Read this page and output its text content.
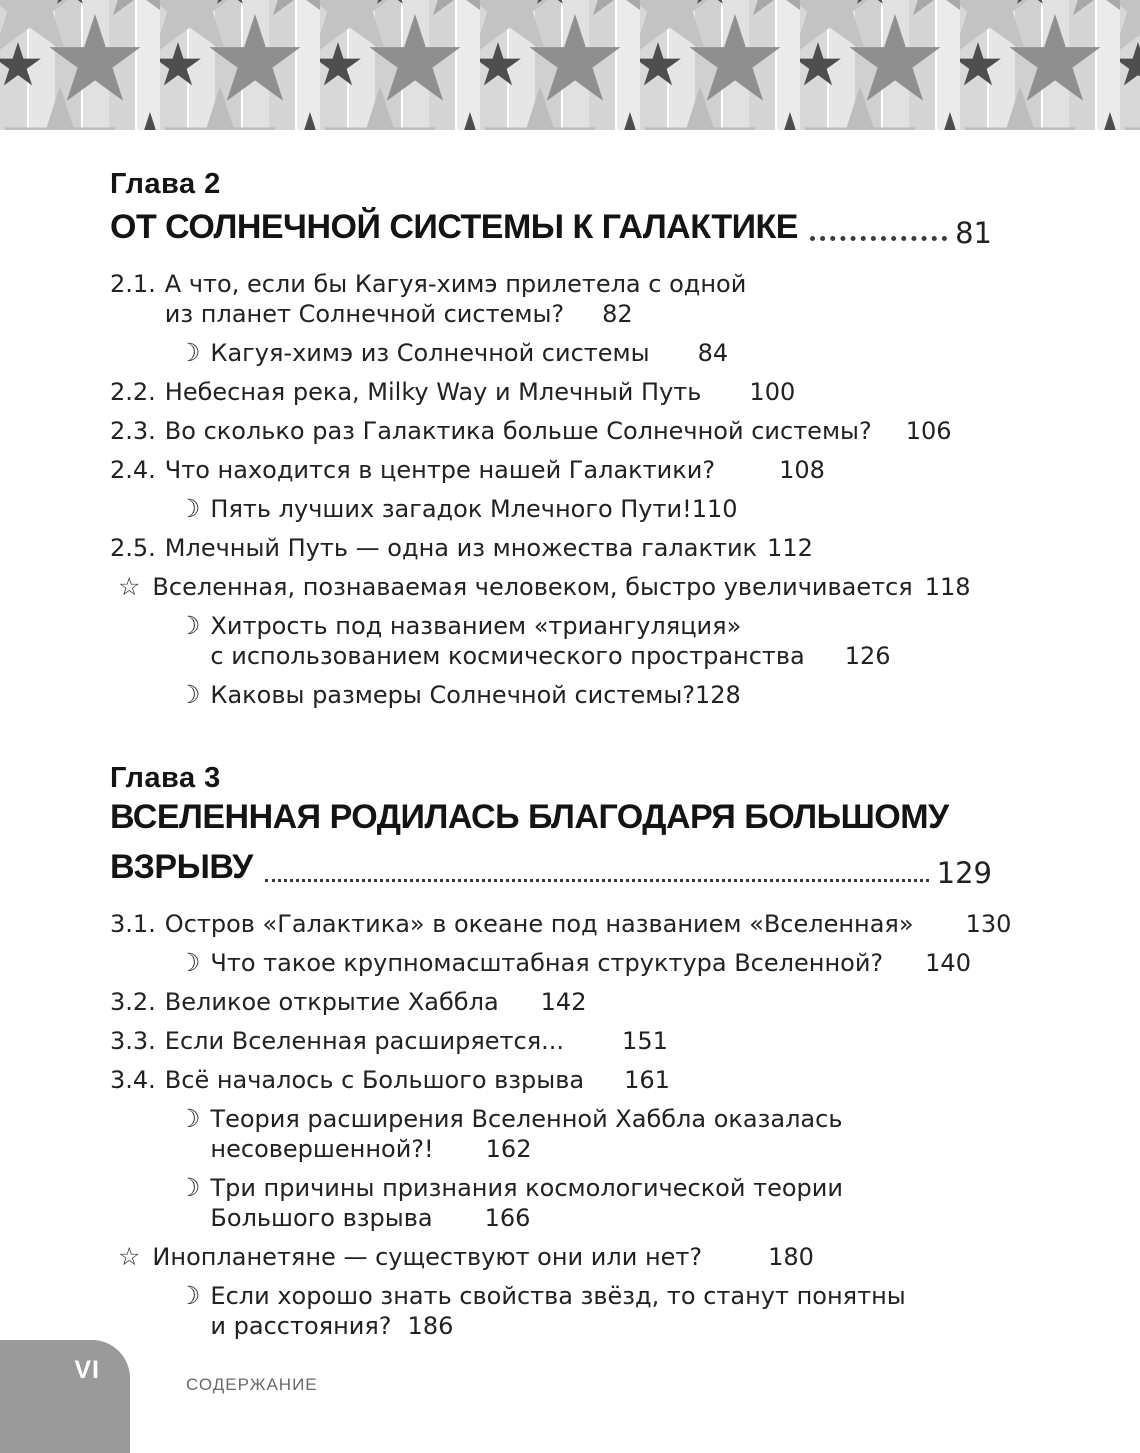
Глава 2
ОТ СОЛНЕЧНОЙ СИСТЕМЫ К ГАЛАКТИКЕ	81
2.1. А что, если бы Кагуя-химэ прилетела с одной
из планет Солнечной системы? 82
☽ Кагуя-химэ из Солнечной системы 84
2.2. Небесная река, Milky Way и Млечный Путь 100
2.3. Во сколько раз Галактика больше Солнечной системы? 106
2.4. Что находится в центре нашей Галактики?	108
☽ Пять лучших загадок Млечного Пути!110
2.5. Млечный Путь — одна из множества галактик 112
☆ Вселенная, познаваемая человеком, быстро увеличивается 118
☽ Хитрость под названием «триангуляция»
с использованием космического пространства 126
☽ Каковы размеры Солнечной системы?128
Глава 3
ВСЕЛЕННАЯ РОДИЛАСЬ БЛАГОДАРЯ БОЛЬШОМУ
ВЗРЫВУ	129
3.1. Остров «Галактика» в океане под названием «Вселенная» 130
☽ Что такое крупномасштабная структура Вселенной? 140
3.2. Великое открытие Хаббла 142
3.3. Если Вселенная расширяется... 151
3.4. Всё началось с Большого взрыва 161
☽ Теория расширения Вселенной Хаббла оказалась
несовершенной?! 162
☽ Три причины признания космологической теории
Большого взрыва 166
☆ Инопланетяне — существуют они или нет?	180
☽ Если хорошо знать свойства звёзд, то станут понятны
и расстояния? 186
VI
СОДЕРЖАНИЕ
